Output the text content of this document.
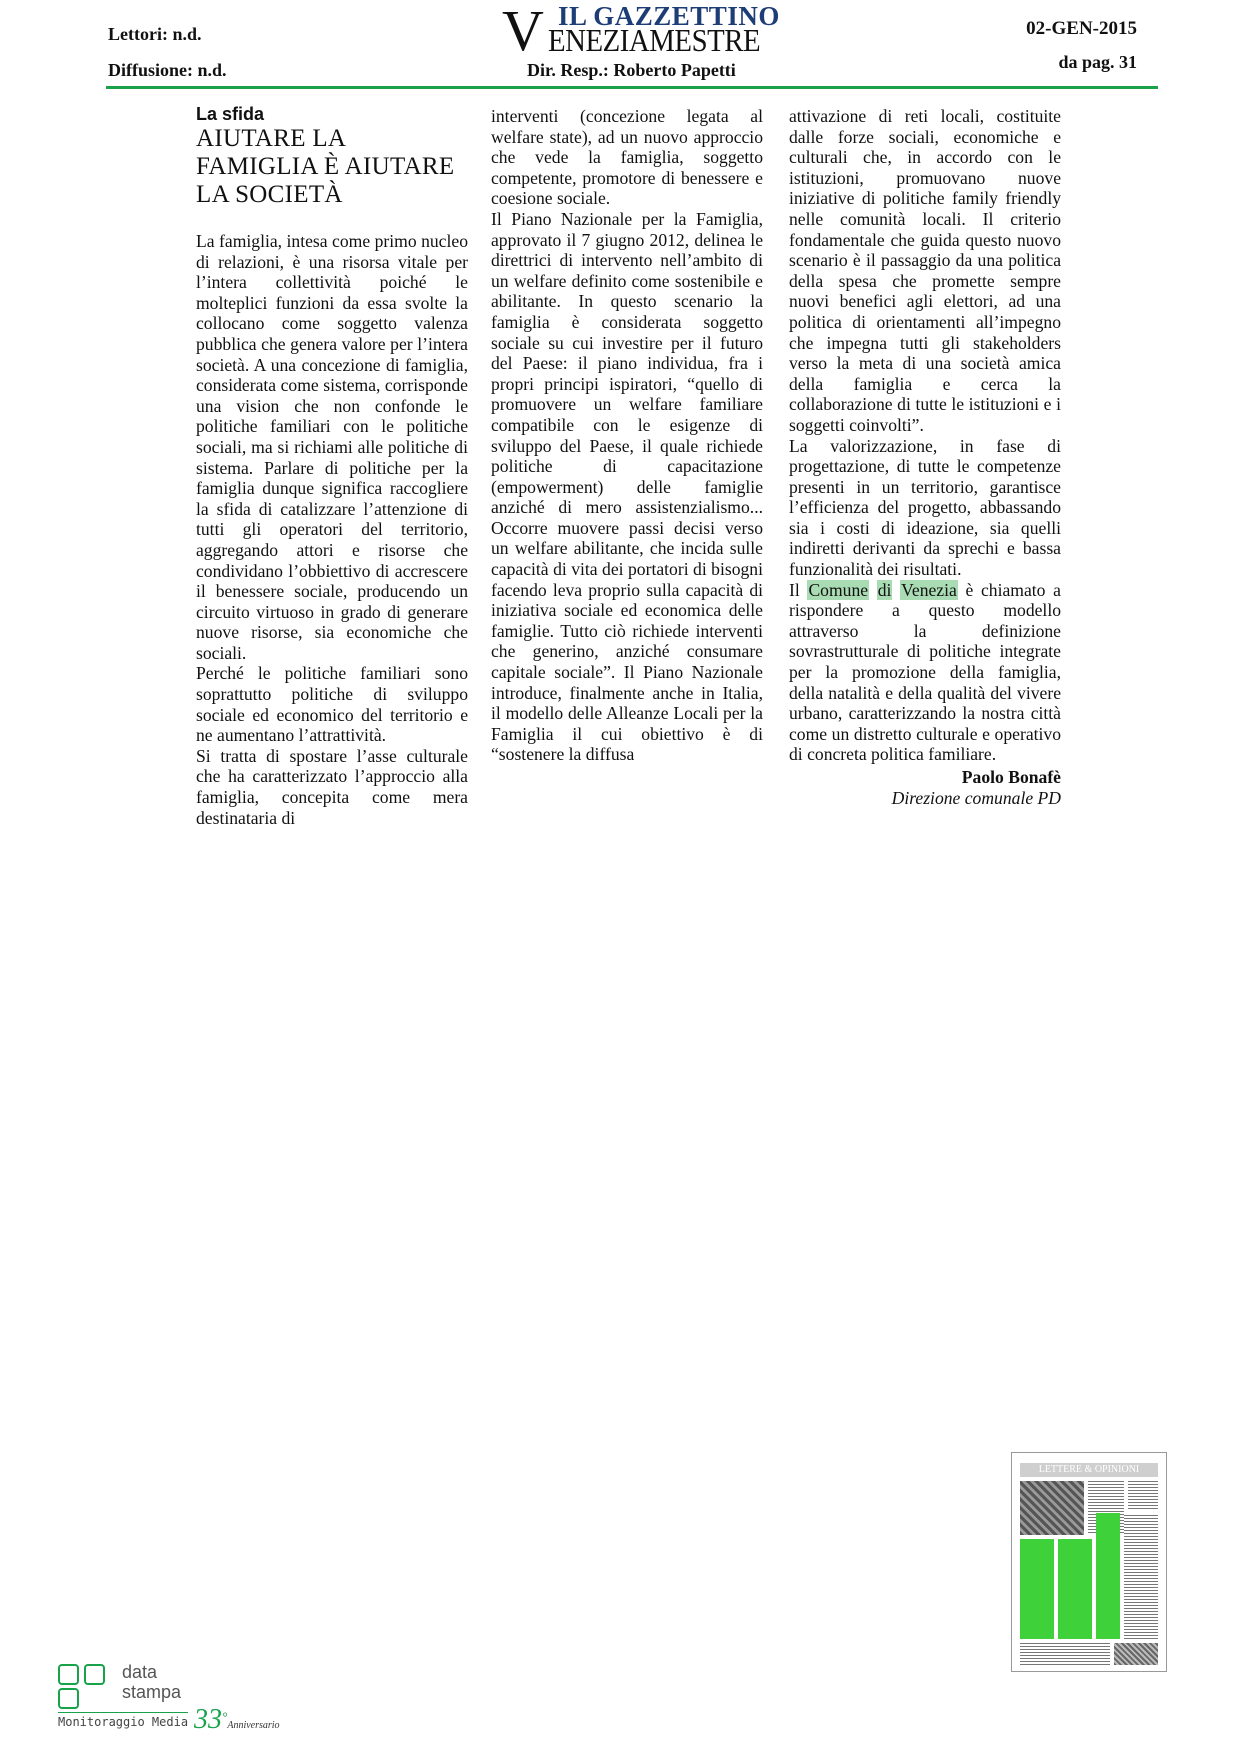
Lettori: n.d.
Diffusione: n.d.
V IL GAZZETTINO
ENEZIAMESTRE
Dir. Resp.: Roberto Papetti
02-GEN-2015
da pag. 31
La sfida
AIUTARE LA FAMIGLIA È AIUTARE LA SOCIETÀ

La famiglia, intesa come primo nucleo di relazioni, è una risorsa vitale per l’intera collettività poiché le molteplici funzioni da essa svolte la collocano come soggetto valenza pubblica che genera valore per l’intera società. A una concezione di famiglia, considerata come sistema, corrisponde una vision che non confonde le politiche familiari con le politiche sociali, ma si richiami alle politiche di sistema. Parlare di politiche per la famiglia dunque significa raccogliere la sfida di catalizzare l’attenzione di tutti gli operatori del territorio, aggregando attori e risorse che condividano l’obbiettivo di accrescere il benessere sociale, producendo un circuito virtuoso in grado di generare nuove risorse, sia economiche che sociali.

Perché le politiche familiari sono soprattutto politiche di sviluppo sociale ed economico del territorio e ne aumentano l’attrattività.

Si tratta di spostare l’asse culturale che ha caratterizzato l’approccio alla famiglia, concepita come mera destinataria di

interventi (concezione legata al welfare state), ad un nuovo approccio che vede la famiglia, soggetto competente, promotore di benessere e coesione sociale.

Il Piano Nazionale per la Famiglia, approvato il 7 giugno 2012, delinea le direttrici di intervento nell’ambito di un welfare definito come sostenibile e abilitante. In questo scenario la famiglia è considerata soggetto sociale su cui investire per il futuro del Paese: il piano individua, fra i propri principi ispiratori, “quello di promuovere un welfare familiare compatibile con le esigenze di sviluppo del Paese, il quale richiede politiche di capacitazione (empowerment) delle famiglie anziché di mero assistenzialismo... Occorre muovere passi decisi verso un welfare abilitante, che incida sulle capacità di vita dei portatori di bisogni facendo leva proprio sulla capacità di iniziativa sociale ed economica delle famiglie. Tutto ciò richiede interventi che generino, anziché consumare capitale sociale”. Il Piano Nazionale introduce, finalmente anche in Italia, il modello delle Alleanze Locali per la Famiglia il cui obiettivo è di “sostenere la diffusa

attivazione di reti locali, costituite dalle forze sociali, economiche e culturali che, in accordo con le istituzioni, promuovano nuove iniziative di politiche family friendly nelle comunità locali. Il criterio fondamentale che guida questo nuovo scenario è il passaggio da una politica della spesa che promette sempre nuovi benefici agli elettori, ad una politica di orientamenti all’impegno che impegna tutti gli stakeholders verso la meta di una società amica della famiglia e cerca la collaborazione di tutte le istituzioni e i soggetti coinvolti”.

La valorizzazione, in fase di progettazione, di tutte le competenze presenti in un territorio, garantisce l’efficienza del progetto, abbassando sia i costi di ideazione, sia quelli indiretti derivanti da sprechi e bassa funzionalità dei risultati.

Il Comune di Venezia è chiamato a rispondere a questo modello attraverso la definizione sovrastrutturale di politiche integrate per la promozione della famiglia, della natalità e della qualità del vivere urbano, caratterizzando la nostra città come un distretto culturale e operativo di concreta politica familiare.

Paolo Bonafè
Direzione comunale PD
LETTERE & OPINIONI
data
stampa
Monitoraggio Media 33°Anniversario
